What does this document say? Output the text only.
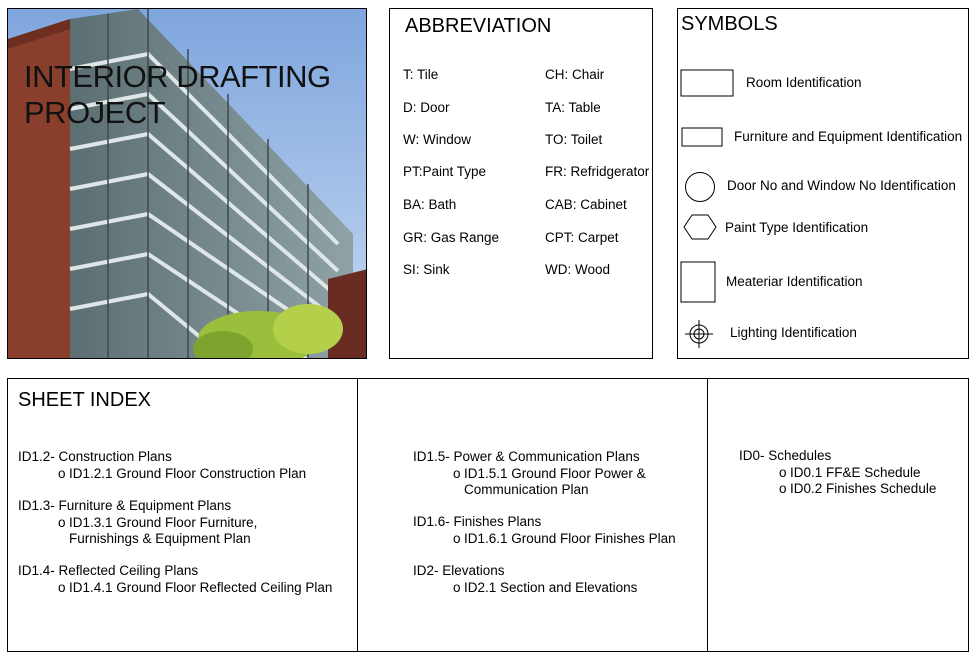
INTERIOR DRAFTING
PROJECT
ABBREVIATION
T: Tile
D: Door
W: Window
PT:Paint Type
BA: Bath
GR: Gas Range
SI: Sink
CH: Chair
TA: Table
TO: Toilet
FR: Refridgerator
CAB: Cabinet
CPT: Carpet
WD: Wood
SYMBOLS
Room Identification
Furniture and Equipment Identification
Door No and Window No Identification
Paint Type Identification
Meateriar Identification
Lighting Identification
SHEET INDEX
ID1.2- Construction Plans
o ID1.2.1 Ground Floor Construction Plan
ID1.3- Furniture & Equipment Plans
o ID1.3.1 Ground Floor Furniture,
Furnishings & Equipment Plan
ID1.4- Reflected Ceiling Plans
o ID1.4.1 Ground Floor Reflected Ceiling Plan
ID1.5- Power & Communication Plans
o ID1.5.1 Ground Floor Power &
Communication Plan
ID1.6- Finishes Plans
o ID1.6.1 Ground Floor Finishes Plan
ID2- Elevations
o ID2.1 Section and Elevations
ID0- Schedules
o ID0.1 FF&E Schedule
o ID0.2 Finishes Schedule
